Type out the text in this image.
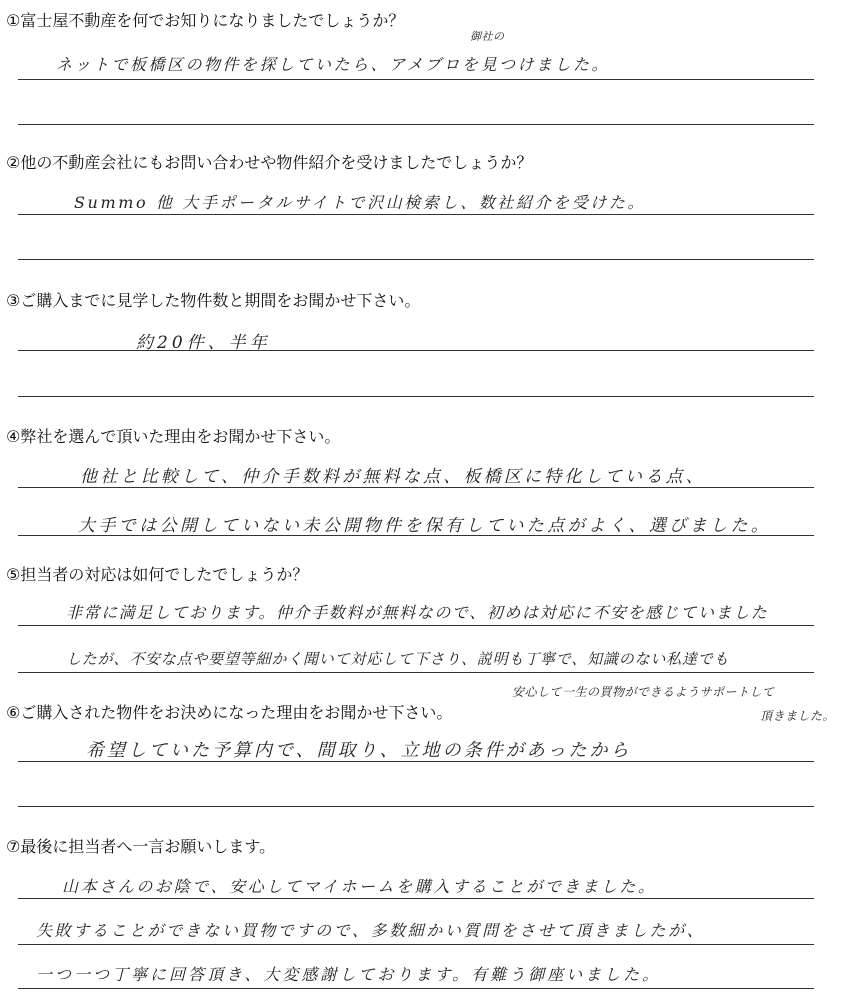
①富士屋不動産を何でお知りになりましたでしょうか？
御社の
ネットで板橋区の物件を探していたら、アメブロを見つけました。
②他の不動産会社にもお問い合わせや物件紹介を受けましたでしょうか？
Summo 他 大手ポータルサイトで沢山検索し、数社紹介を受けた。
③ご購入までに見学した物件数と期間をお聞かせ下さい。
約20件、半年
④弊社を選んで頂いた理由をお聞かせ下さい。
他社と比較して、仲介手数料が無料な点、板橋区に特化している点、
大手では公開していない未公開物件を保有していた点がよく、選びました。
⑤担当者の対応は如何でしたでしょうか？
非常に満足しております。仲介手数料が無料なので、初めは対応に不安を感じていました
したが、不安な点や要望等細かく聞いて対応して下さり、説明も丁寧で、知識のない私達でも
安心して一生の買物ができるようサポートして
頂きました。
⑥ご購入された物件をお決めになった理由をお聞かせ下さい。
希望していた予算内で、間取り、立地の条件があったから
⑦最後に担当者へ一言お願いします。
山本さんのお陰で、安心してマイホームを購入することができました。
失敗することができない買物ですので、多数細かい質問をさせて頂きましたが、
一つ一つ丁寧に回答頂き、大変感謝しております。有難う御座いました。
